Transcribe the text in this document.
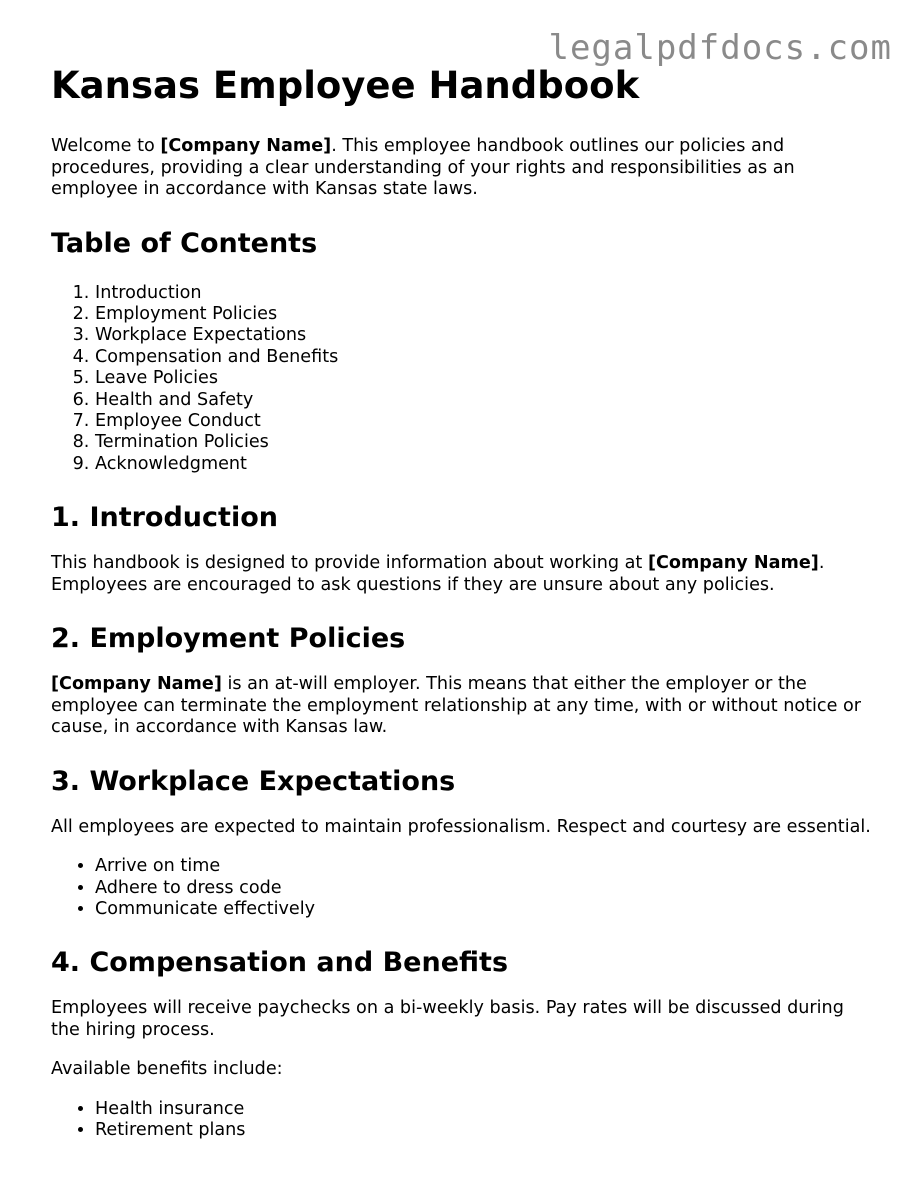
legalpdfdocs.com
Kansas Employee Handbook

Welcome to [Company Name]. This employee handbook outlines our policies and procedures, providing a clear understanding of your rights and responsibilities as an employee in accordance with Kansas state laws.

Table of Contents
1. Introduction
2. Employment Policies
3. Workplace Expectations
4. Compensation and Benefits
5. Leave Policies
6. Health and Safety
7. Employee Conduct
8. Termination Policies
9. Acknowledgment
1. Introduction

This handbook is designed to provide information about working at [Company Name]. Employees are encouraged to ask questions if they are unsure about any policies.

2. Employment Policies

[Company Name] is an at-will employer. This means that either the employer or the employee can terminate the employment relationship at any time, with or without notice or cause, in accordance with Kansas law.

3. Workplace Expectations

All employees are expected to maintain professionalism. Respect and courtesy are essential.

• Arrive on time
• Adhere to dress code
• Communicate effectively
4. Compensation and Benefits

Employees will receive paychecks on a bi-weekly basis. Pay rates will be discussed during the hiring process.

Available benefits include:

• Health insurance
• Retirement plans
